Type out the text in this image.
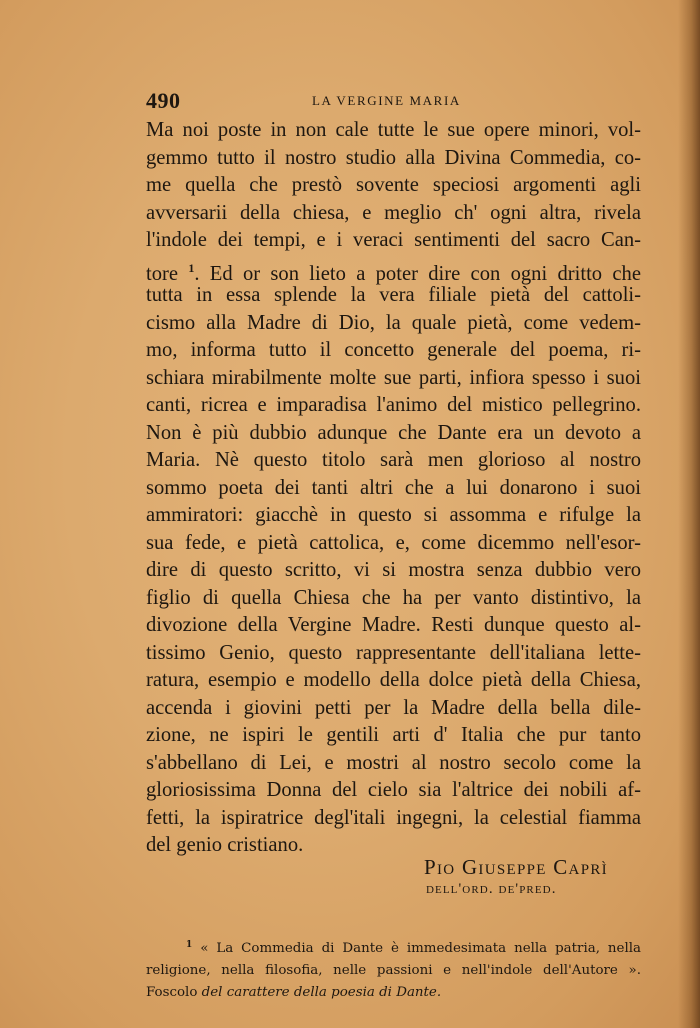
490	LA VERGINE MARIA
Ma noi poste in non cale tutte le sue opere minori, vol-
gemmo tutto il nostro studio alla Divina Commedia, co-
me quella che prestò sovente speciosi argomenti agli
avversarii della chiesa, e meglio ch' ogni altra, rivela
l'indole dei tempi, e i veraci sentimenti del sacro Can-
tore $^1$. Ed or son lieto a poter dire con ogni dritto che
tutta in essa splende la vera filiale pietà del cattoli-
cismo alla Madre di Dio, la quale pietà, come vedem-
mo, informa tutto il concetto generale del poema, ri-
schiara mirabilmente molte sue parti, infiora spesso i suoi
canti, ricrea e imparadisa l'animo del mistico pellegrino.
Non è più dubbio adunque che Dante era un devoto a
Maria. Nè questo titolo sarà men glorioso al nostro
sommo poeta dei tanti altri che a lui donarono i suoi
ammiratori: giacchè in questo si assomma e rifulge la
sua fede, e pietà cattolica, e, come dicemmo nell'esor-
dire di questo scritto, vi si mostra senza dubbio vero
figlio di quella Chiesa che ha per vanto distintivo, la
divozione della Vergine Madre. Resti dunque questo al-
tissimo Genio, questo rappresentante dell'italiana lette-
ratura, esempio e modello della dolce pietà della Chiesa,
accenda i giovini petti per la Madre della bella dile-
zione, ne ispiri le gentili arti d' Italia che pur tanto
s'abbellano di Lei, e mostri al nostro secolo come la
gloriosissima Donna del cielo sia l'altrice dei nobili af-
fetti, la ispiratrice degl'itali ingegni, la celestial fiamma
del genio cristiano.
Pio Giuseppe Caprì
dell'ord. de'pred.
$^1$ « La Commedia di Dante è immedesimata nella patria, nella
religione, nella filosofia, nelle passioni e nell'indole dell'Autore ».
Foscolo del carattere della poesia di Dante.
